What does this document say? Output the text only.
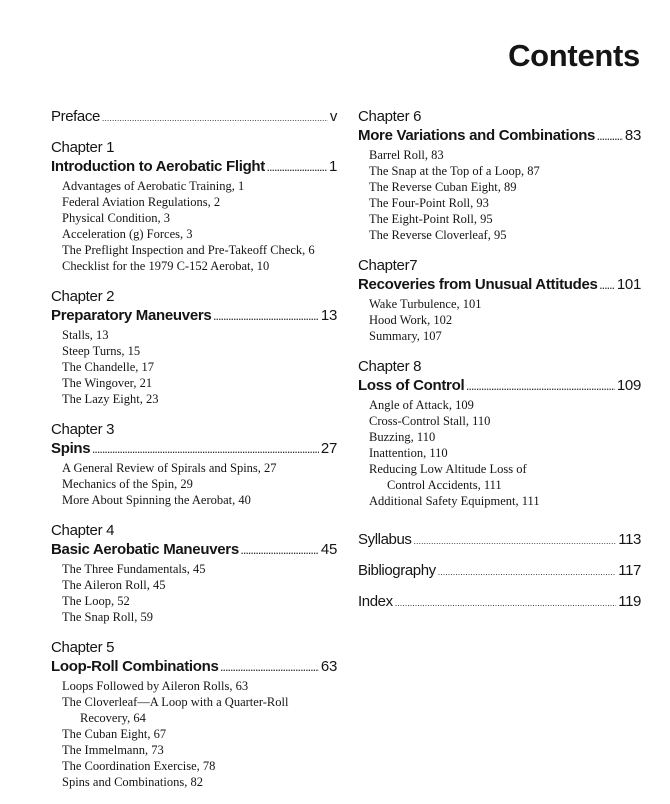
Contents
Preface .....	v
Chapter 1
Introduction to Aerobatic Flight .....	1
Advantages of Aerobatic Training, 1
Federal Aviation Regulations, 2
Physical Condition, 3
Acceleration (g) Forces, 3
The Preflight Inspection and Pre-Takeoff Check, 6
Checklist for the 1979 C-152 Aerobat, 10
Chapter 2
Preparatory Maneuvers .....	13
Stalls, 13
Steep Turns, 15
The Chandelle, 17
The Wingover, 21
The Lazy Eight, 23
Chapter 3
Spins .....	27
A General Review of Spirals and Spins, 27
Mechanics of the Spin, 29
More About Spinning the Aerobat, 40
Chapter 4
Basic Aerobatic Maneuvers .....	45
The Three Fundamentals, 45
The Aileron Roll, 45
The Loop, 52
The Snap Roll, 59
Chapter 5
Loop-Roll Combinations .....	63
Loops Followed by Aileron Rolls, 63
The Cloverleaf—A Loop with a Quarter-Roll
Recovery, 64
The Cuban Eight, 67
The Immelmann, 73
The Coordination Exercise, 78
Spins and Combinations, 82
Chapter 6
More Variations and Combinations ..... 83
Barrel Roll, 83
The Snap at the Top of a Loop, 87
The Reverse Cuban Eight, 89
The Four-Point Roll, 93
The Eight-Point Roll, 95
The Reverse Cloverleaf, 95
Chapter7
Recoveries from Unusual Attitudes ..... 101
Wake Turbulence, 101
Hood Work, 102
Summary, 107
Chapter 8
Loss of Control .....	109
Angle of Attack, 109
Cross-Control Stall, 110
Buzzing, 110
Inattention, 110
Reducing Low Altitude Loss of
Control Accidents, 111
Additional Safety Equipment, 111
Syllabus .....	113
Bibliography .....	117
Index .....	119
